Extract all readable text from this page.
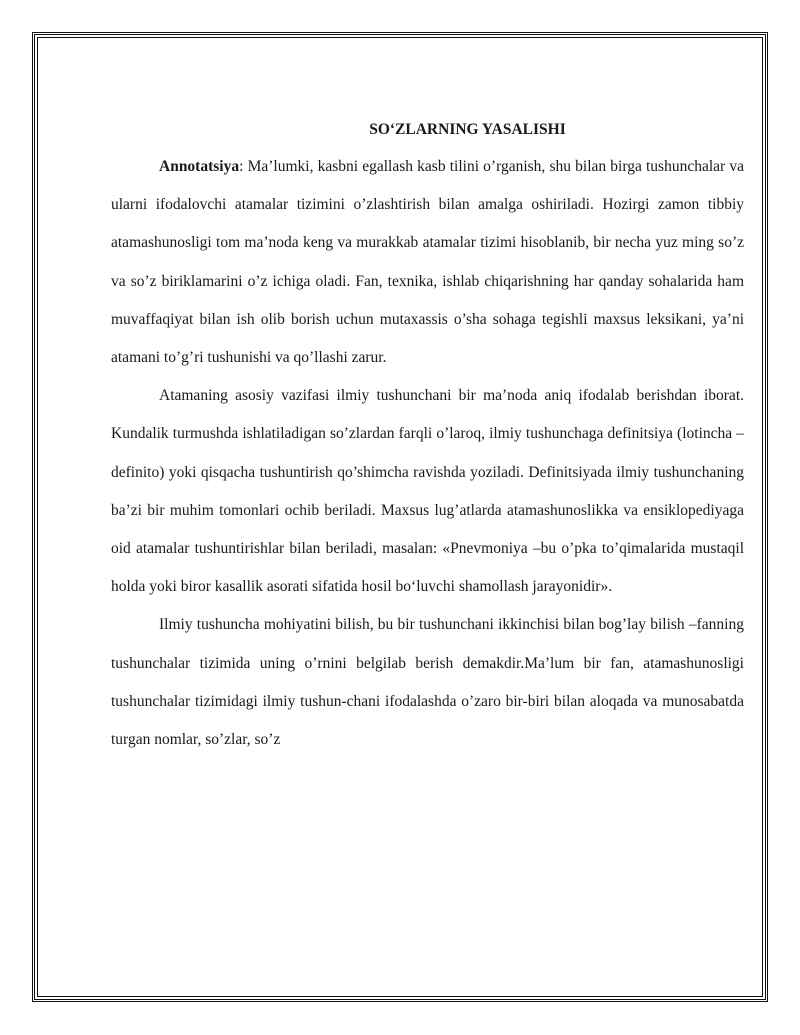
SO‘ZLARNING YASALISHI

Annotatsiya: Ma’lumki, kasbni egallash kasb tilini o’rganish, shu bilan birga tushunchalar va ularni ifodalovchi atamalar tizimini o’zlashtirish bilan amalga oshiriladi. Hozirgi zamon tibbiy atamashunosligi tom ma’noda keng va murakkab atamalar tizimi hisoblanib, bir necha yuz ming so’z va so’z biriklamarini o’z ichiga oladi. Fan, texnika, ishlab chiqarishning har qanday sohalarida ham muvaffaqiyat bilan ish olib borish uchun mutaxassis o’sha sohaga tegishli maxsus leksikani, ya’ni atamani to’g’ri tushunishi va qo’llashi zarur.

Atamaning asosiy vazifasi ilmiy tushunchani bir ma’noda aniq ifodalab berishdan iborat. Kundalik turmushda ishlatiladigan so’zlardan farqli o’laroq, ilmiy tushunchaga definitsiya (lotincha –definito) yoki qisqacha tushuntirish qo’shimcha ravishda yoziladi. Definitsiyada ilmiy tushunchaning ba’zi bir muhim tomonlari ochib beriladi. Maxsus lug’atlarda atamashunoslikka va ensiklopediyaga oid atamalar tushuntirishlar bilan beriladi, masalan: «Pnevmoniya –bu o’pka to’qimalarida mustaqil holda yoki biror kasallik asorati sifatida hosil bo‘luvchi shamollash jarayonidir».

Ilmiy tushuncha mohiyatini bilish, bu bir tushunchani ikkinchisi bilan bog’lay bilish –fanning tushunchalar tizimida uning o’rnini belgilab berish demakdir.Ma’lum bir fan, atamashunosligi tushunchalar tizimidagi ilmiy tushun-chani ifodalashda o’zaro bir-biri bilan aloqada va munosabatda turgan nomlar, so’zlar, so’z
